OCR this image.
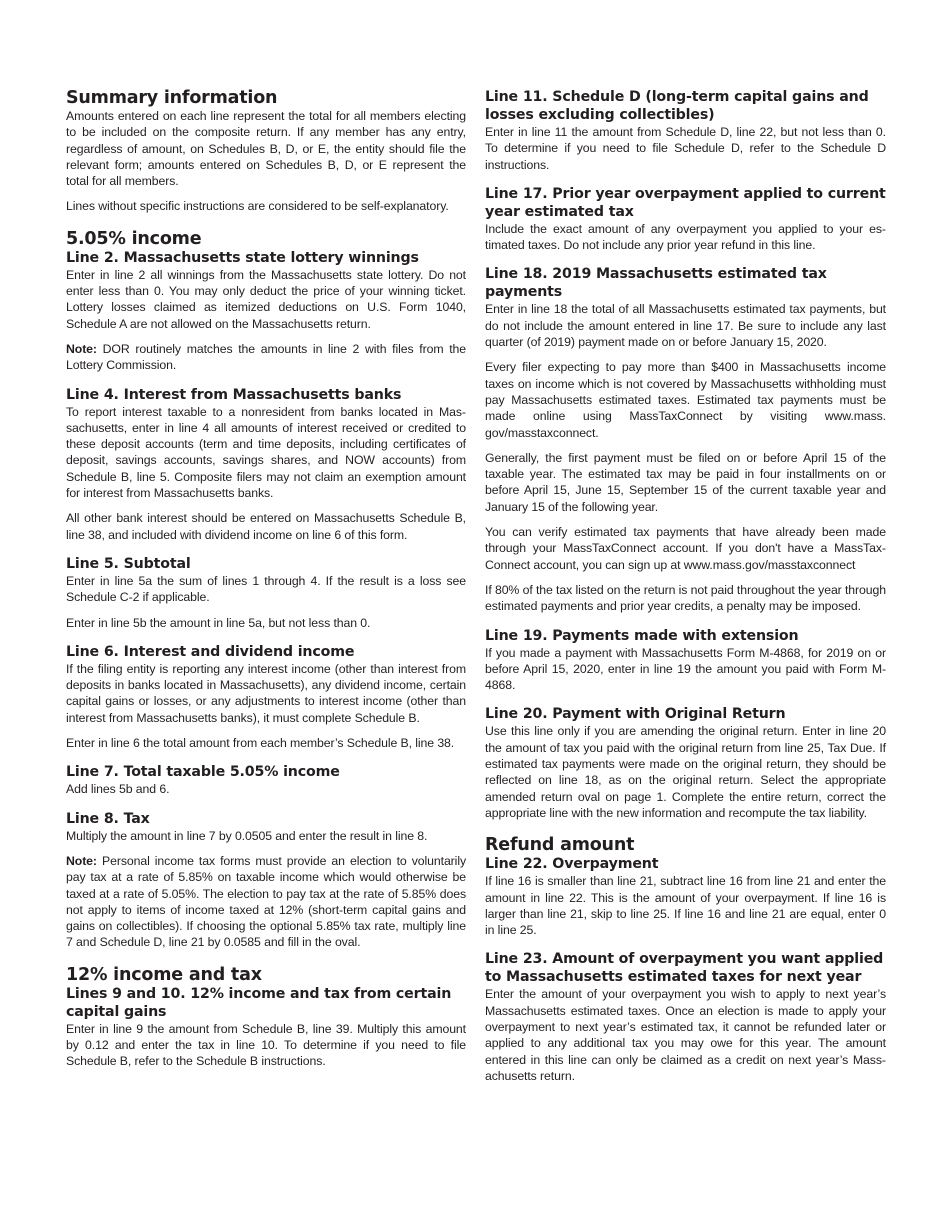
Summary information

Amounts entered on each line represent the total for all members electing to be included on the composite return. If any member has any entry, regardless of amount, on Schedules B, D, or E, the entity should file the relevant form; amounts entered on Schedules B, D, or E represent the total for all members.

Lines without specific instructions are considered to be self-explanatory.

5.05% income
Line 2. Massachusetts state lottery winnings

Enter in line 2 all winnings from the Massachusetts state lottery. Do not enter less than 0. You may only deduct the price of your winning ticket. Lottery losses claimed as itemized deductions on U.S. Form 1040, Schedule A are not allowed on the Massachusetts return.

Note: DOR routinely matches the amounts in line 2 with files from the Lottery Commission.

Line 4. Interest from Massachusetts banks

To report interest taxable to a nonresident from banks located in Massachusetts, enter in line 4 all amounts of interest received or credited to these deposit accounts (term and time deposits, including certificates of deposit, savings accounts, savings shares, and NOW accounts) from Schedule B, line 5. Composite filers may not claim an exemption amount for interest from Massachusetts banks.

All other bank interest should be entered on Massachusetts Schedule B, line 38, and included with dividend income on line 6 of this form.

Line 5. Subtotal

Enter in line 5a the sum of lines 1 through 4. If the result is a loss see Schedule C-2 if applicable.

Enter in line 5b the amount in line 5a, but not less than 0.

Line 6. Interest and dividend income

If the filing entity is reporting any interest income (other than interest from deposits in banks located in Massachusetts), any dividend income, certain capital gains or losses, or any adjustments to interest income (other than interest from Massachusetts banks), it must complete Schedule B.

Enter in line 6 the total amount from each member’s Schedule B, line 38.

Line 7. Total taxable 5.05% income

Add lines 5b and 6.

Line 8. Tax

Multiply the amount in line 7 by 0.0505 and enter the result in line 8.

Note: Personal income tax forms must provide an election to voluntarily pay tax at a rate of 5.85% on taxable income which would otherwise be taxed at a rate of 5.05%. The election to pay tax at the rate of 5.85% does not apply to items of income taxed at 12% (short-term capital gains and gains on collectibles). If choosing the optional 5.85% tax rate, multiply line 7 and Schedule D, line 21 by 0.0585 and fill in the oval.

12% income and tax
Lines 9 and 10. 12% income and tax from certain capital gains

Enter in line 9 the amount from Schedule B, line 39. Multiply this amount by 0.12 and enter the tax in line 10. To determine if you need to file Schedule B, refer to the Schedule B instructions.

Line 11. Schedule D (long-term capital gains and losses excluding collectibles)

Enter in line 11 the amount from Schedule D, line 22, but not less than 0. To determine if you need to file Schedule D, refer to the Schedule D instructions.

Line 17. Prior year overpayment applied to current year estimated tax

Include the exact amount of any overpayment you applied to your estimated taxes. Do not include any prior year refund in this line.

Line 18. 2019 Massachusetts estimated tax payments

Enter in line 18 the total of all Massachusetts estimated tax payments, but do not include the amount entered in line 17. Be sure to include any last quarter (of 2019) payment made on or before January 15, 2020.

Every filer expecting to pay more than $400 in Massachusetts income taxes on income which is not covered by Massachusetts withholding must pay Massachusetts estimated taxes. Estimated tax payments must be made online using MassTaxConnect by visiting www.mass. gov/masstaxconnect.

Generally, the first payment must be filed on or before April 15 of the taxable year. The estimated tax may be paid in four installments on or before April 15, June 15, September 15 of the current taxable year and January 15 of the following year.

You can verify estimated tax payments that have already been made through your MassTaxConnect account. If you don't have a MassTaxConnect account, you can sign up at www.mass.gov/masstaxconnect

If 80% of the tax listed on the return is not paid throughout the year through estimated payments and prior year credits, a penalty may be imposed.

Line 19. Payments made with extension

If you made a payment with Massachusetts Form M-4868, for 2019 on or before April 15, 2020, enter in line 19 the amount you paid with Form M-4868.

Line 20. Payment with Original Return

Use this line only if you are amending the original return. Enter in line 20 the amount of tax you paid with the original return from line 25, Tax Due. If estimated tax payments were made on the original return, they should be reflected on line 18, as on the original return. Select the appropriate amended return oval on page 1. Complete the entire return, correct the appropriate line with the new information and recompute the tax liability.

Refund amount
Line 22. Overpayment

If line 16 is smaller than line 21, subtract line 16 from line 21 and enter the amount in line 22. This is the amount of your overpayment. If line 16 is larger than line 21, skip to line 25. If line 16 and line 21 are equal, enter 0 in line 25.

Line 23. Amount of overpayment you want applied to Massachusetts estimated taxes for next year

Enter the amount of your overpayment you wish to apply to next year’s Massachusetts estimated taxes. Once an election is made to apply your overpayment to next year’s estimated tax, it cannot be refunded later or applied to any additional tax you may owe for this year. The amount entered in this line can only be claimed as a credit on next year’s Massachusetts return.
